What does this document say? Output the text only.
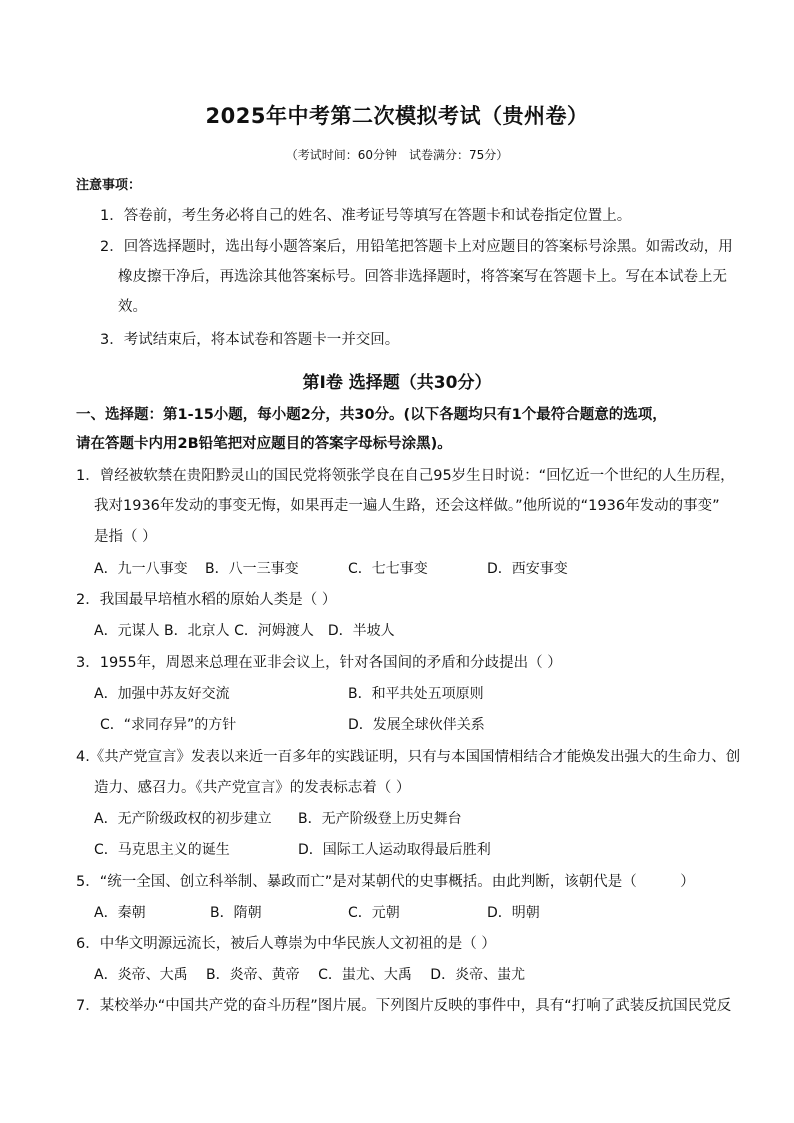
2025年中考第二次模拟考试（贵州卷）
（考试时间：60分钟　试卷满分：75分）
注意事项：
1．答卷前，考生务必将自己的姓名、准考证号等填写在答题卡和试卷指定位置上。
2．回答选择题时，选出每小题答案后，用铅笔把答题卡上对应题目的答案标号涂黑。如需改动，用
橡皮擦干净后，再选涂其他答案标号。回答非选择题时，将答案写在答题卡上。写在本试卷上无
效。
3．考试结束后，将本试卷和答题卡一并交回。
第Ⅰ卷 选择题（共30分）
一、选择题：第1-15小题，每小题2分，共30分。(以下各题均只有1个最符合题意的选项，
请在答题卡内用2B铅笔把对应题目的答案字母标号涂黑)。
1．曾经被软禁在贵阳黔灵山的国民党将领张学良在自己95岁生日时说：“回忆近一个世纪的人生历程，
我对1936年发动的事变无悔，如果再走一遍人生路，还会这样做。”他所说的“1936年发动的事变”
是指（ ）
A．九一八事变 B．八一三事变	C．七七事变	D．西安事变
2．我国最早培植水稻的原始人类是（ ）
A．元谋人 B．北京人 C．河姆渡人　D．半坡人
3．1955年，周恩来总理在亚非会议上，针对各国间的矛盾和分歧提出（ ）
A．加强中苏友好交流	B．和平共处五项原则
C．“求同存异”的方针	D．发展全球伙伴关系
4.《共产党宣言》发表以来近一百多年的实践证明，只有与本国国情相结合才能焕发出强大的生命力、创
造力、感召力。《共产党宣言》的发表标志着（ ）
A．无产阶级政权的初步建立 B．无产阶级登上历史舞台
C．马克思主义的诞生	D．国际工人运动取得最后胜利
5．“统一全国、创立科举制、暴政而亡”是对某朝代的史事概括。由此判断，该朝代是（　　　）
A．秦朝	B．隋朝	C．元朝	D．明朝
6．中华文明源远流长，被后人尊崇为中华民族人文初祖的是（ ）
A．炎帝、大禹　 B．炎帝、黄帝　 C．蚩尤、大禹　 D．炎帝、蚩尤
7．某校举办“中国共产党的奋斗历程”图片展。下列图片反映的事件中，具有“打响了武装反抗国民党反
